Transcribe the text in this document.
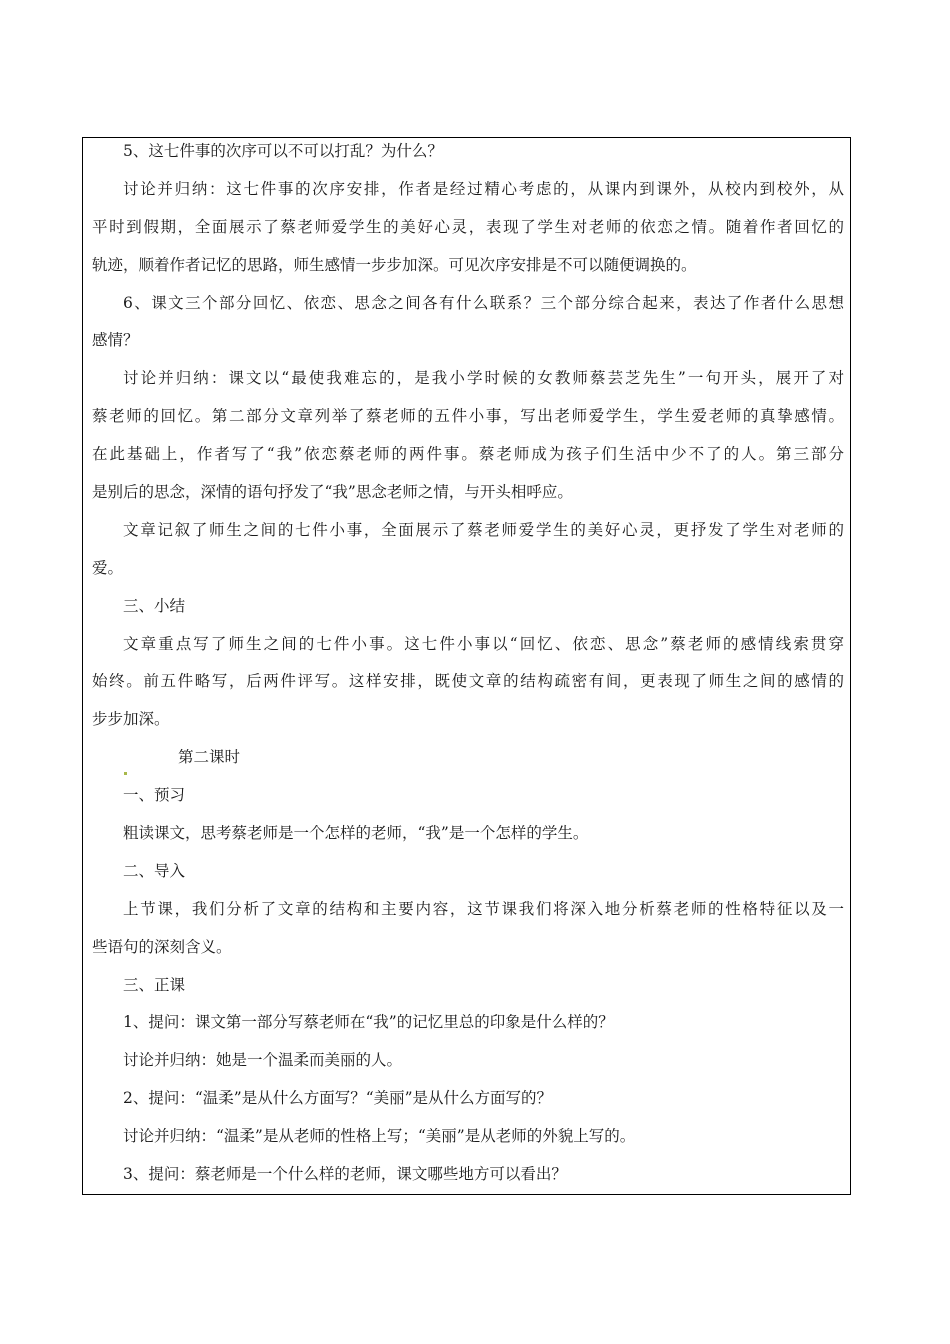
5、这七件事的次序可以不可以打乱？为什么？
讨论并归纳：这七件事的次序安排，作者是经过精心考虑的，从课内到课外，从校内到校外，从
平时到假期，全面展示了蔡老师爱学生的美好心灵，表现了学生对老师的依恋之情。随着作者回忆的
轨迹，顺着作者记忆的思路，师生感情一步步加深。可见次序安排是不可以随便调换的。
6、课文三个部分回忆、依恋、思念之间各有什么联系？三个部分综合起来，表达了作者什么思想
感情？
讨论并归纳：课文以“最使我难忘的，是我小学时候的女教师蔡芸芝先生”一句开头，展开了对
蔡老师的回忆。第二部分文章列举了蔡老师的五件小事，写出老师爱学生，学生爱老师的真挚感情。
在此基础上，作者写了“我”依恋蔡老师的两件事。蔡老师成为孩子们生活中少不了的人。第三部分
是别后的思念，深情的语句抒发了“我”思念老师之情，与开头相呼应。
文章记叙了师生之间的七件小事，全面展示了蔡老师爱学生的美好心灵，更抒发了学生对老师的
爱。
三、小结
文章重点写了师生之间的七件小事。这七件小事以“回忆、依恋、思念”蔡老师的感情线索贯穿
始终。前五件略写，后两件评写。这样安排，既使文章的结构疏密有间，更表现了师生之间的感情的
步步加深。
第二课时
一、预习
粗读课文，思考蔡老师是一个怎样的老师，“我”是一个怎样的学生。
二、导入
上节课，我们分析了文章的结构和主要内容，这节课我们将深入地分析蔡老师的性格特征以及一
些语句的深刻含义。
三、正课
1、提问：课文第一部分写蔡老师在“我”的记忆里总的印象是什么样的？
讨论并归纳：她是一个温柔而美丽的人。
2、提问：“温柔”是从什么方面写？“美丽”是从什么方面写的？
讨论并归纳：“温柔”是从老师的性格上写；“美丽”是从老师的外貌上写的。
3、提问：蔡老师是一个什么样的老师，课文哪些地方可以看出？
